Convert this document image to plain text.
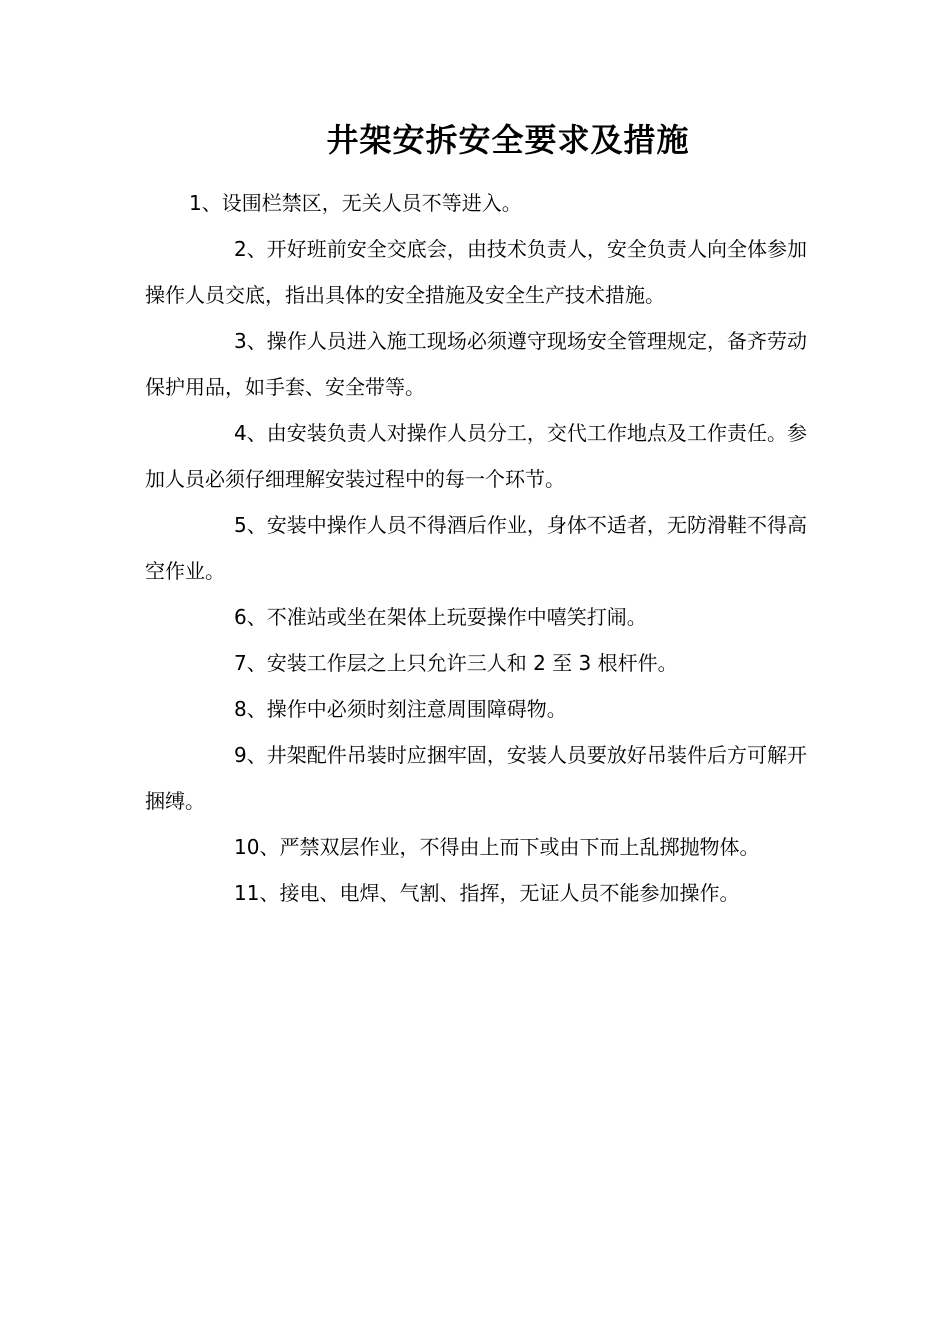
井架安拆安全要求及措施

1、设围栏禁区，无关人员不等进入。

2、开好班前安全交底会，由技术负责人，安全负责人向全体参加操作人员交底，指出具体的安全措施及安全生产技术措施。

3、操作人员进入施工现场必须遵守现场安全管理规定，备齐劳动保护用品，如手套、安全带等。

4、由安装负责人对操作人员分工，交代工作地点及工作责任。参加人员必须仔细理解安装过程中的每一个环节。

5、安装中操作人员不得酒后作业，身体不适者，无防滑鞋不得高空作业。

6、不准站或坐在架体上玩耍操作中嘻笑打闹。

7、安装工作层之上只允许三人和 2 至 3 根杆件。

8、操作中必须时刻注意周围障碍物。

9、井架配件吊装时应捆牢固，安装人员要放好吊装件后方可解开捆缚。

10、严禁双层作业，不得由上而下或由下而上乱掷抛物体。

11、接电、电焊、气割、指挥，无证人员不能参加操作。
